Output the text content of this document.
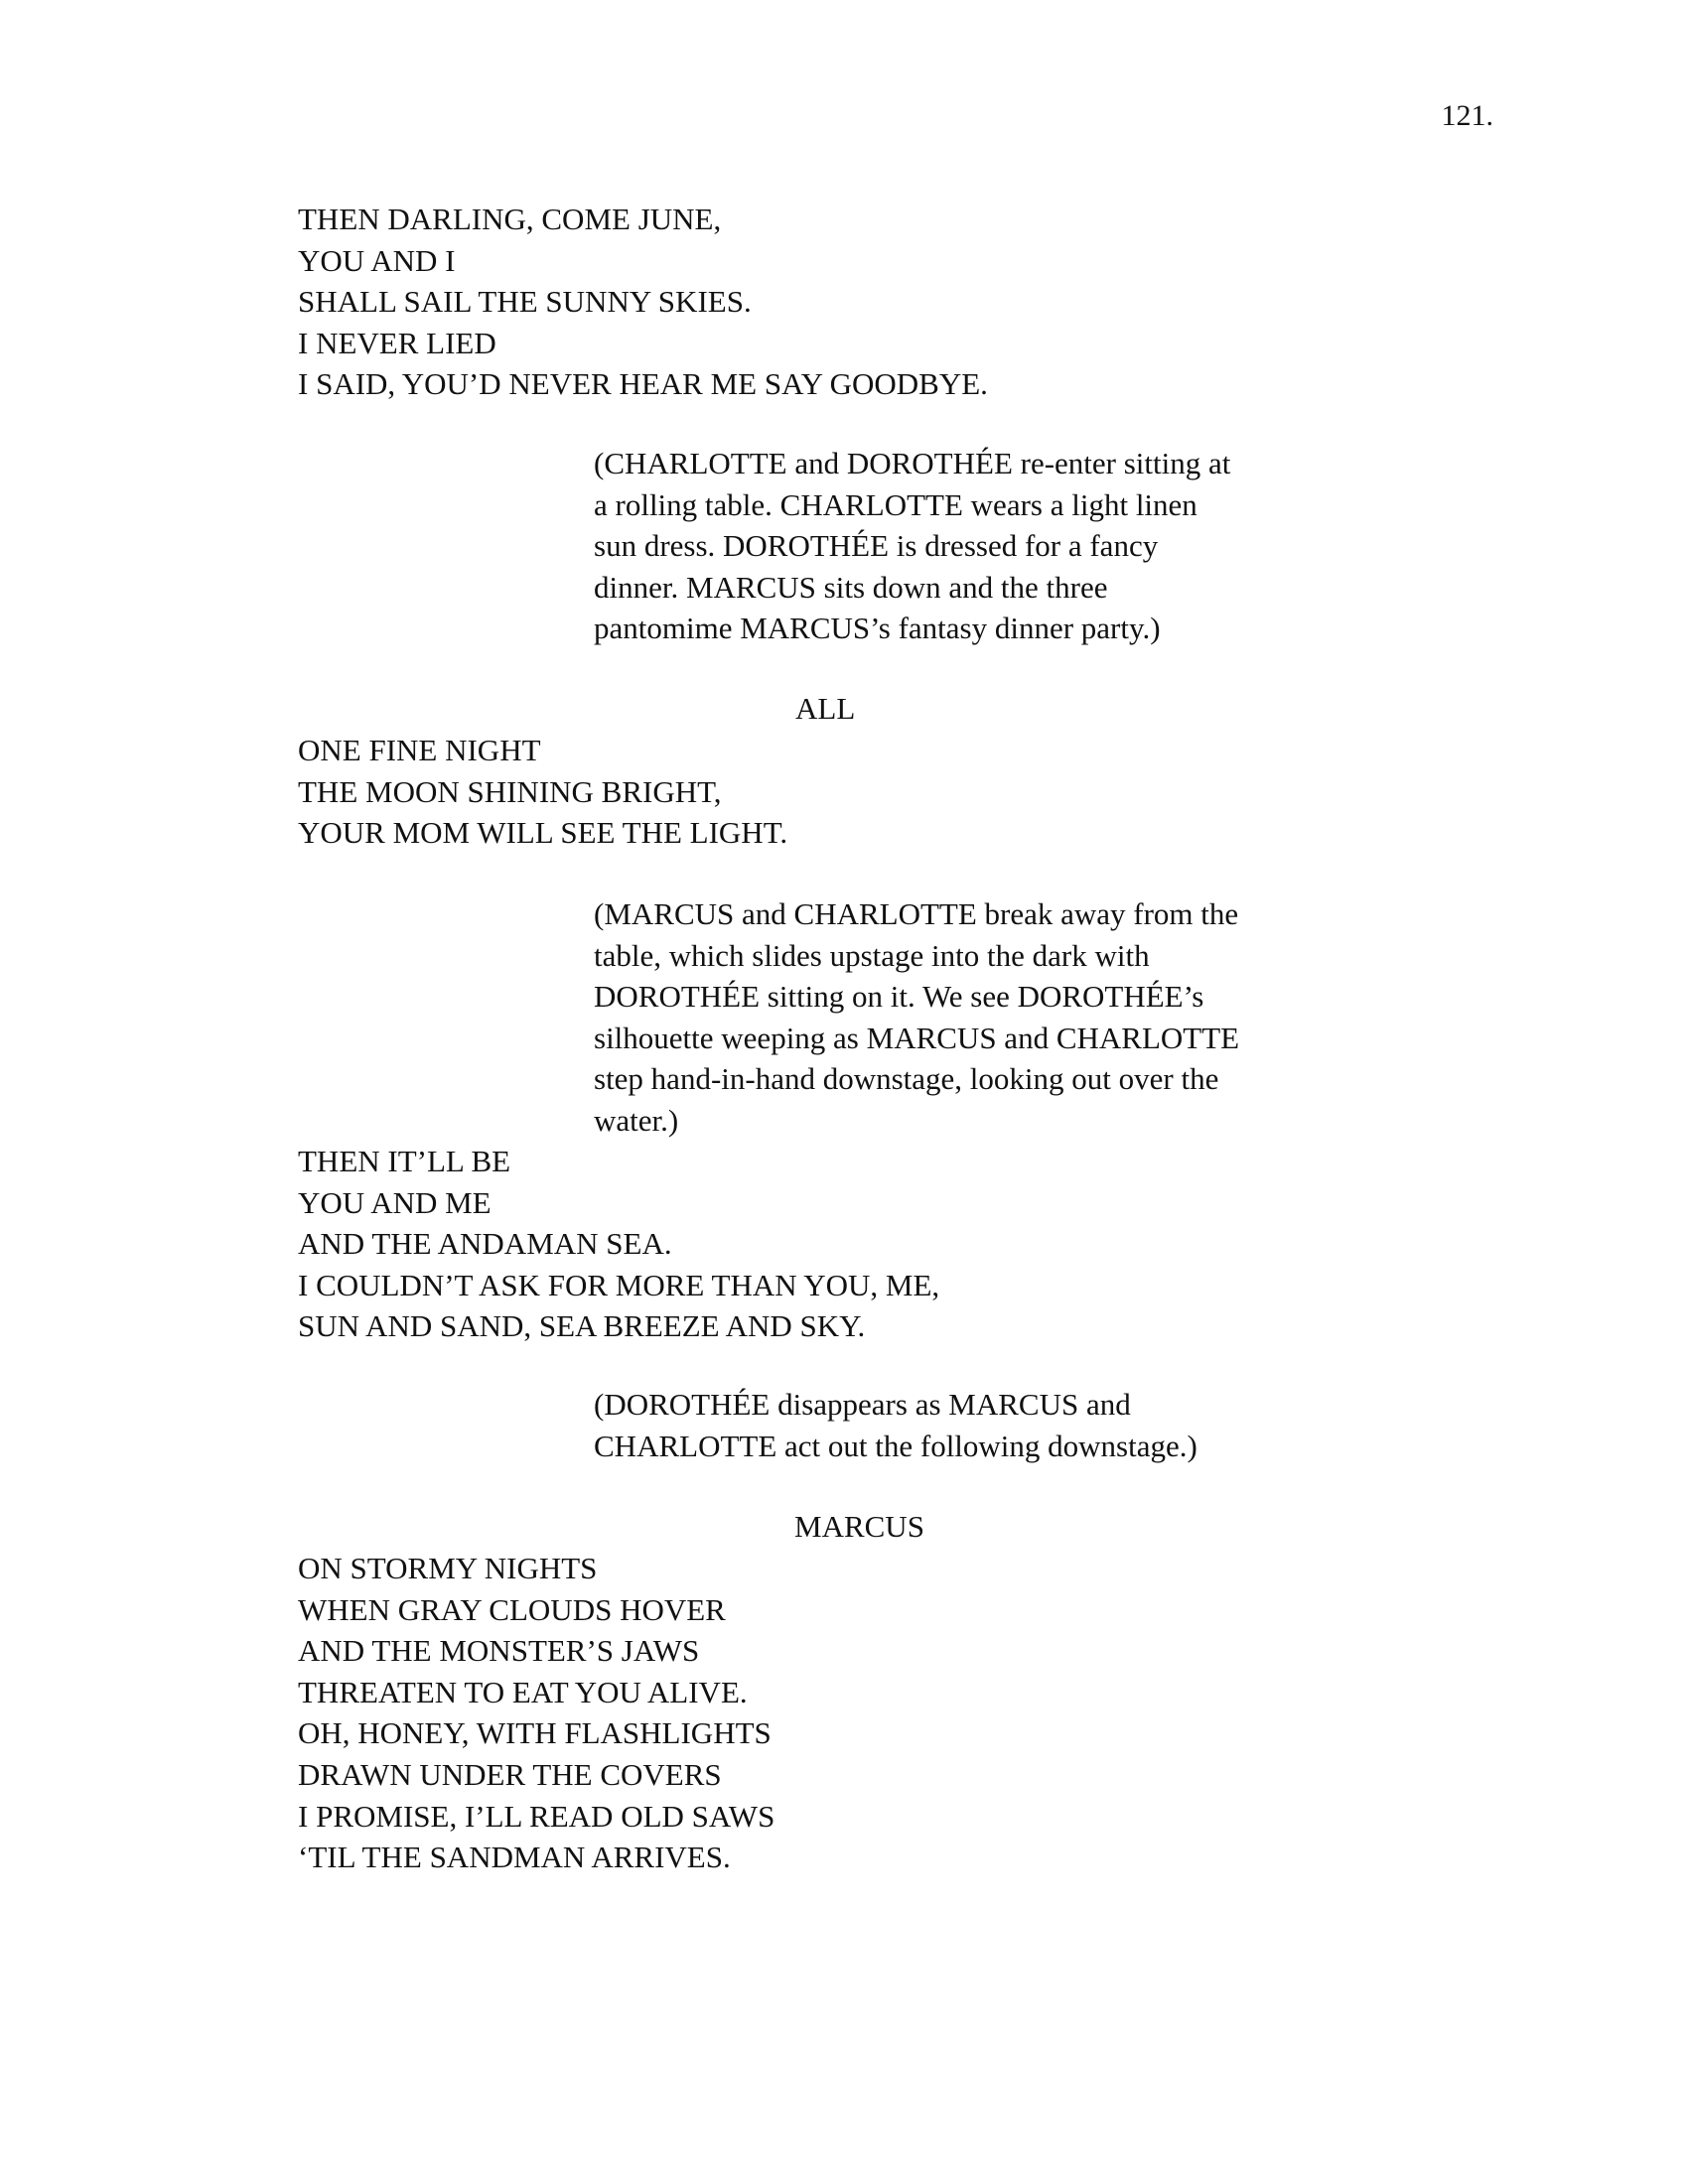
121.

THEN DARLING, COME JUNE,
YOU AND I
SHALL SAIL THE SUNNY SKIES.
I NEVER LIED
I SAID, YOU’D NEVER HEAR ME SAY GOODBYE.
(CHARLOTTE and DOROTHÉE re-enter sitting at
a rolling table. CHARLOTTE wears a light linen
sun dress. DOROTHÉE is dressed for a fancy
dinner. MARCUS sits down and the three
pantomime MARCUS’s fantasy dinner party.)

ALL

ONE FINE NIGHT
THE MOON SHINING BRIGHT,
YOUR MOM WILL SEE THE LIGHT.
(MARCUS and CHARLOTTE break away from the
table, which slides upstage into the dark with
DOROTHÉE sitting on it. We see DOROTHÉE’s
silhouette weeping as MARCUS and CHARLOTTE
step hand-in-hand downstage, looking out over the
water.)
THEN IT’LL BE
YOU AND ME
AND THE ANDAMAN SEA.
I COULDN’T ASK FOR MORE THAN YOU, ME,
SUN AND SAND, SEA BREEZE AND SKY.
(DOROTHÉE disappears as MARCUS and
CHARLOTTE act out the following downstage.)

MARCUS

ON STORMY NIGHTS
WHEN GRAY CLOUDS HOVER
AND THE MONSTER’S JAWS
THREATEN TO EAT YOU ALIVE.
OH, HONEY, WITH FLASHLIGHTS
DRAWN UNDER THE COVERS
I PROMISE, I’LL READ OLD SAWS
‘TIL THE SANDMAN ARRIVES.
